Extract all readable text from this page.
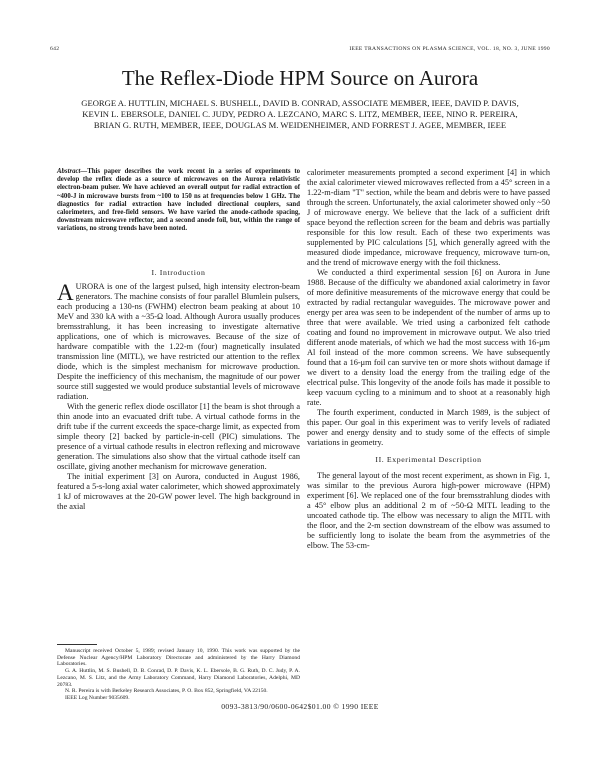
642	IEEE TRANSACTIONS ON PLASMA SCIENCE, VOL. 18, NO. 3, JUNE 1990
The Reflex-Diode HPM Source on Aurora
GEORGE A. HUTTLIN, MICHAEL S. BUSHELL, DAVID B. CONRAD, ASSOCIATE MEMBER, IEEE, DAVID P. DAVIS, KEVIN L. EBERSOLE, DANIEL C. JUDY, PEDRO A. LEZCANO, MARC S. LITZ, MEMBER, IEEE, NINO R. PEREIRA, BRIAN G. RUTH, MEMBER, IEEE, DOUGLAS M. WEIDENHEIMER, AND FORREST J. AGEE, MEMBER, IEEE
Abstract—This paper describes the work recent in a series of experiments to develop the reflex diode as a source of microwaves on the Aurora relativistic electron-beam pulser. We have achieved an overall output for radial extraction of ~400-J in microwave bursts from ~100 to 150 ns at frequencies below 1 GHz. The diagnostics for radial extraction have included directional couplers, sand calorimeters, and free-field sensors. We have varied the anode-cathode spacing, downstream microwave reflector, and a second anode foil, but, within the range of variations, no strong trends have been noted.
I. Introduction

AURORA is one of the largest pulsed, high intensity electron-beam generators. The machine consists of four parallel Blumlein pulsers, each producing a 130-ns (FWHM) electron beam peaking at about 10 MeV and 330 kA with a ~35-Ω load. Although Aurora usually produces bremsstrahlung, it has been increasing to investigate alternative applications, one of which is microwaves. Because of the size of hardware compatible with the 1.22-m (four) magnetically insulated transmission line (MITL), we have restricted our attention to the reflex diode, which is the simplest mechanism for microwave production. Despite the inefficiency of this mechanism, the magnitude of our power source still suggested we would produce substantial levels of microwave radiation.

With the generic reflex diode oscillator [1] the beam is shot through a thin anode into an evacuated drift tube. A virtual cathode forms in the drift tube if the current exceeds the space-charge limit, as expected from simple theory [2] backed by particle-in-cell (PIC) simulations. The presence of a virtual cathode results in electron reflexing and microwave generation. The simulations also show that the virtual cathode itself can oscillate, giving another mechanism for microwave generation.

The initial experiment [3] on Aurora, conducted in August 1986, featured a 5-s-long axial water calorimeter, which showed approximately 1 kJ of microwaves at the 20-GW power level. The high background in the axial

Manuscript received October 5, 1989; revised January 10, 1990. This work was supported by the Defense Nuclear Agency/HPM Laboratory Directorate and administered by the Harry Diamond Laboratories.

G. A. Huttlin, M. S. Bushell, D. B. Conrad, D. P. Davis, K. L. Ebersole, B. G. Ruth, D. C. Judy, P. A. Lezcano, M. S. Litz, and the Army Laboratory Command, Harry Diamond Laboratories, Adelphi, MD 20783.

N. R. Pereira is with Berkeley Research Associates, P. O. Box 852, Springfield, VA 22150.

IEEE Log Number 9035609.

calorimeter measurements prompted a second experiment [4] in which the axial calorimeter viewed microwaves reflected from a 45° screen in a 1.22-m-diam "T" section, while the beam and debris were to have passed through the screen. Unfortunately, the axial calorimeter showed only ~50 J of microwave energy. We believe that the lack of a sufficient drift space beyond the reflection screen for the beam and debris was partially responsible for this low result. Each of these two experiments was supplemented by PIC calculations [5], which generally agreed with the measured diode impedance, microwave frequency, microwave turn-on, and the trend of microwave energy with the foil thickness.

We conducted a third experimental session [6] on Aurora in June 1988. Because of the difficulty we abandoned axial calorimetry in favor of more definitive measurements of the microwave energy that could be extracted by radial rectangular waveguides. The microwave power and energy per area was seen to be independent of the number of arms up to three that were available. We tried using a carbonized felt cathode coating and found no improvement in microwave output. We also tried different anode materials, of which we had the most success with 16-μm Al foil instead of the more common screens. We have subsequently found that a 16-μm foil can survive ten or more shots without damage if we divert to a density load the energy from the trailing edge of the electrical pulse. This longevity of the anode foils has made it possible to keep vacuum cycling to a minimum and to shoot at a reasonably high rate.

The fourth experiment, conducted in March 1989, is the subject of this paper. Our goal in this experiment was to verify levels of radiated power and energy density and to study some of the effects of simple variations in geometry.

II. Experimental Description

The general layout of the most recent experiment, as shown in Fig. 1, was similar to the previous Aurora high-power microwave (HPM) experiment [6]. We replaced one of the four bremsstrahlung diodes with a 45° elbow plus an additional 2 m of ~50-Ω MITL leading to the uncoated cathode tip. The elbow was necessary to align the MITL with the floor, and the 2-m section downstream of the elbow was assumed to be sufficiently long to isolate the beam from the asymmetries of the elbow. The 53-cm-

0093-3813/90/0600-0642$01.00 © 1990 IEEE
